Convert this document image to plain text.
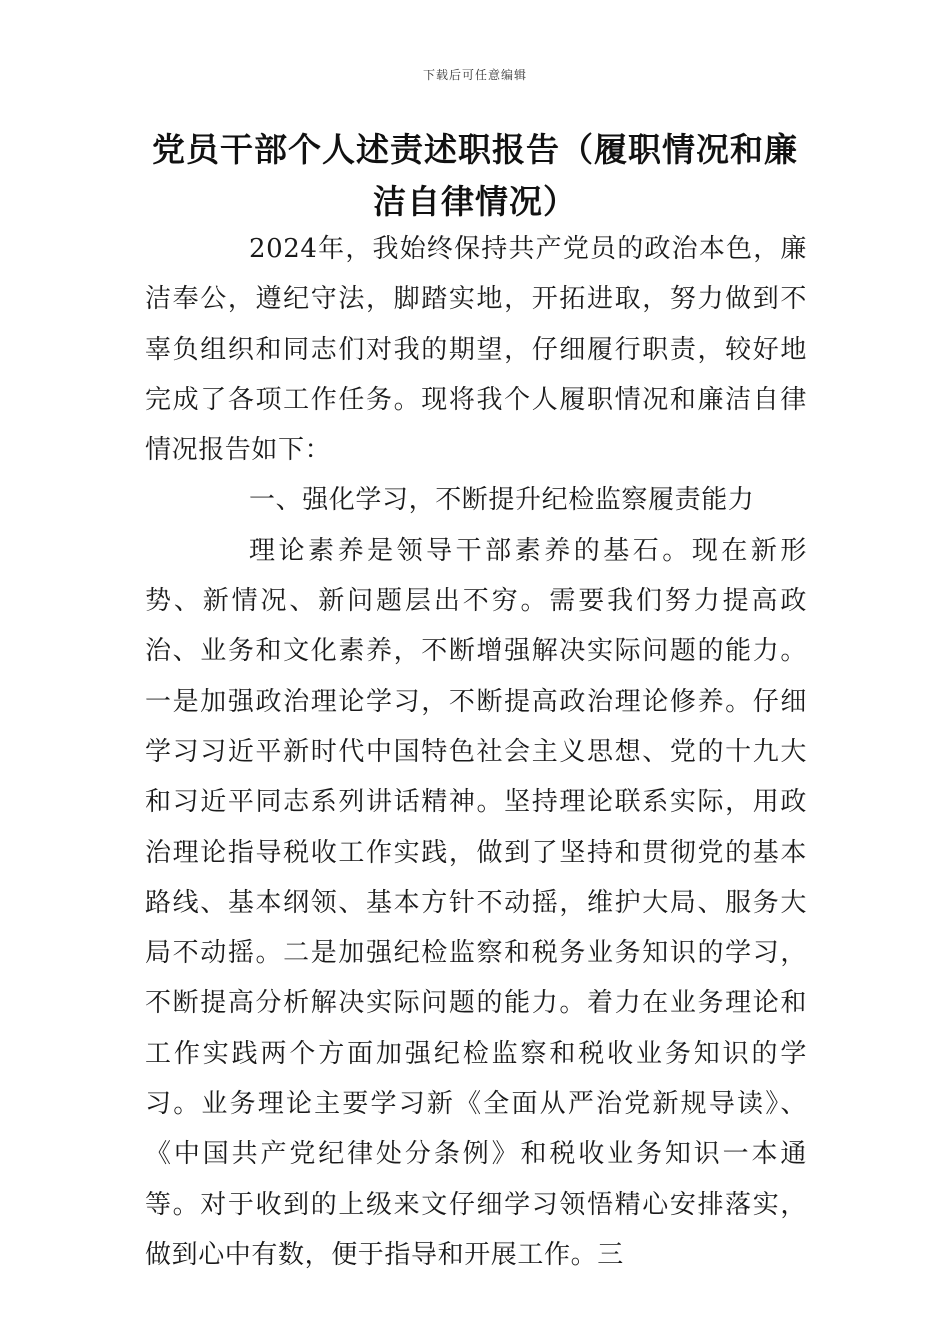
下载后可任意编辑
党员干部个人述责述职报告（履职情况和廉洁自律情况）

2024年，我始终保持共产党员的政治本色，廉洁奉公，遵纪守法，脚踏实地，开拓进取，努力做到不辜负组织和同志们对我的期望，仔细履行职责，较好地完成了各项工作任务。现将我个人履职情况和廉洁自律情况报告如下：

一、强化学习，不断提升纪检监察履责能力

理论素养是领导干部素养的基石。现在新形势、新情况、新问题层出不穷。需要我们努力提高政治、业务和文化素养，不断增强解决实际问题的能力。一是加强政治理论学习，不断提高政治理论修养。仔细学习习近平新时代中国特色社会主义思想、党的十九大和习近平同志系列讲话精神。坚持理论联系实际，用政治理论指导税收工作实践，做到了坚持和贯彻党的基本路线、基本纲领、基本方针不动摇，维护大局、服务大局不动摇。二是加强纪检监察和税务业务知识的学习，不断提高分析解决实际问题的能力。着力在业务理论和工作实践两个方面加强纪检监察和税收业务知识的学习。业务理论主要学习新《全面从严治党新规导读》、《中国共产党纪律处分条例》和税收业务知识一本通等。对于收到的上级来文仔细学习领悟精心安排落实，做到心中有数，便于指导和开展工作。三
